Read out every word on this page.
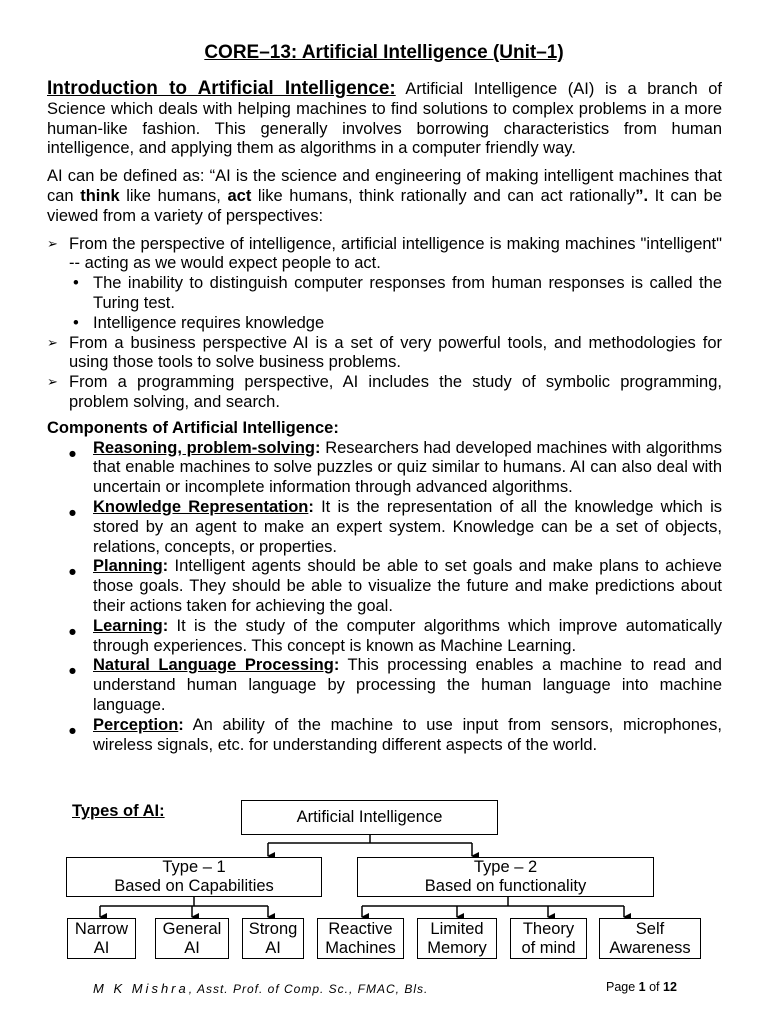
CORE–13: Artificial Intelligence (Unit–1)

Introduction to Artificial Intelligence: Artificial Intelligence (AI) is a branch of Science which deals with helping machines to find solutions to complex problems in a more human-like fashion. This generally involves borrowing characteristics from human intelligence, and applying them as algorithms in a computer friendly way.

AI can be defined as: “AI is the science and engineering of making intelligent machines that can think like humans, act like humans, think rationally and can act rationally”. It can be viewed from a variety of perspectives:

➢ From the perspective of intelligence, artificial intelligence is making machines "intelligent" -- acting as we would expect people to act.
• The inability to distinguish computer responses from human responses is called the Turing test.
• Intelligence requires knowledge
➢ From a business perspective AI is a set of very powerful tools, and methodologies for using those tools to solve business problems.
➢ From a programming perspective, AI includes the study of symbolic programming, problem solving, and search.
Components of Artificial Intelligence:
● Reasoning, problem-solving: Researchers had developed machines with algorithms that enable machines to solve puzzles or quiz similar to humans. AI can also deal with uncertain or incomplete information through advanced algorithms.
● Knowledge Representation: It is the representation of all the knowledge which is stored by an agent to make an expert system. Knowledge can be a set of objects, relations, concepts, or properties.
● Planning: Intelligent agents should be able to set goals and make plans to achieve those goals. They should be able to visualize the future and make predictions about their actions taken for achieving the goal.
● Learning: It is the study of the computer algorithms which improve automatically through experiences. This concept is known as Machine Learning.
● Natural Language Processing: This processing enables a machine to read and understand human language by processing the human language into machine language.
● Perception: An ability of the machine to use input from sensors, microphones, wireless signals, etc. for understanding different aspects of the world.
Types of AI:	Artificial Intelligence
Type – 1
Based on Capabilities
Type – 2
Based on functionality
Narrow
AI
General
AI
Strong
AI
Reactive
Machines
Limited
Memory
Theory
of mind
Self
Awareness
M K Mishra, Asst. Prof. of Comp. Sc., FMAC, Bls.	Page 1 of 12
